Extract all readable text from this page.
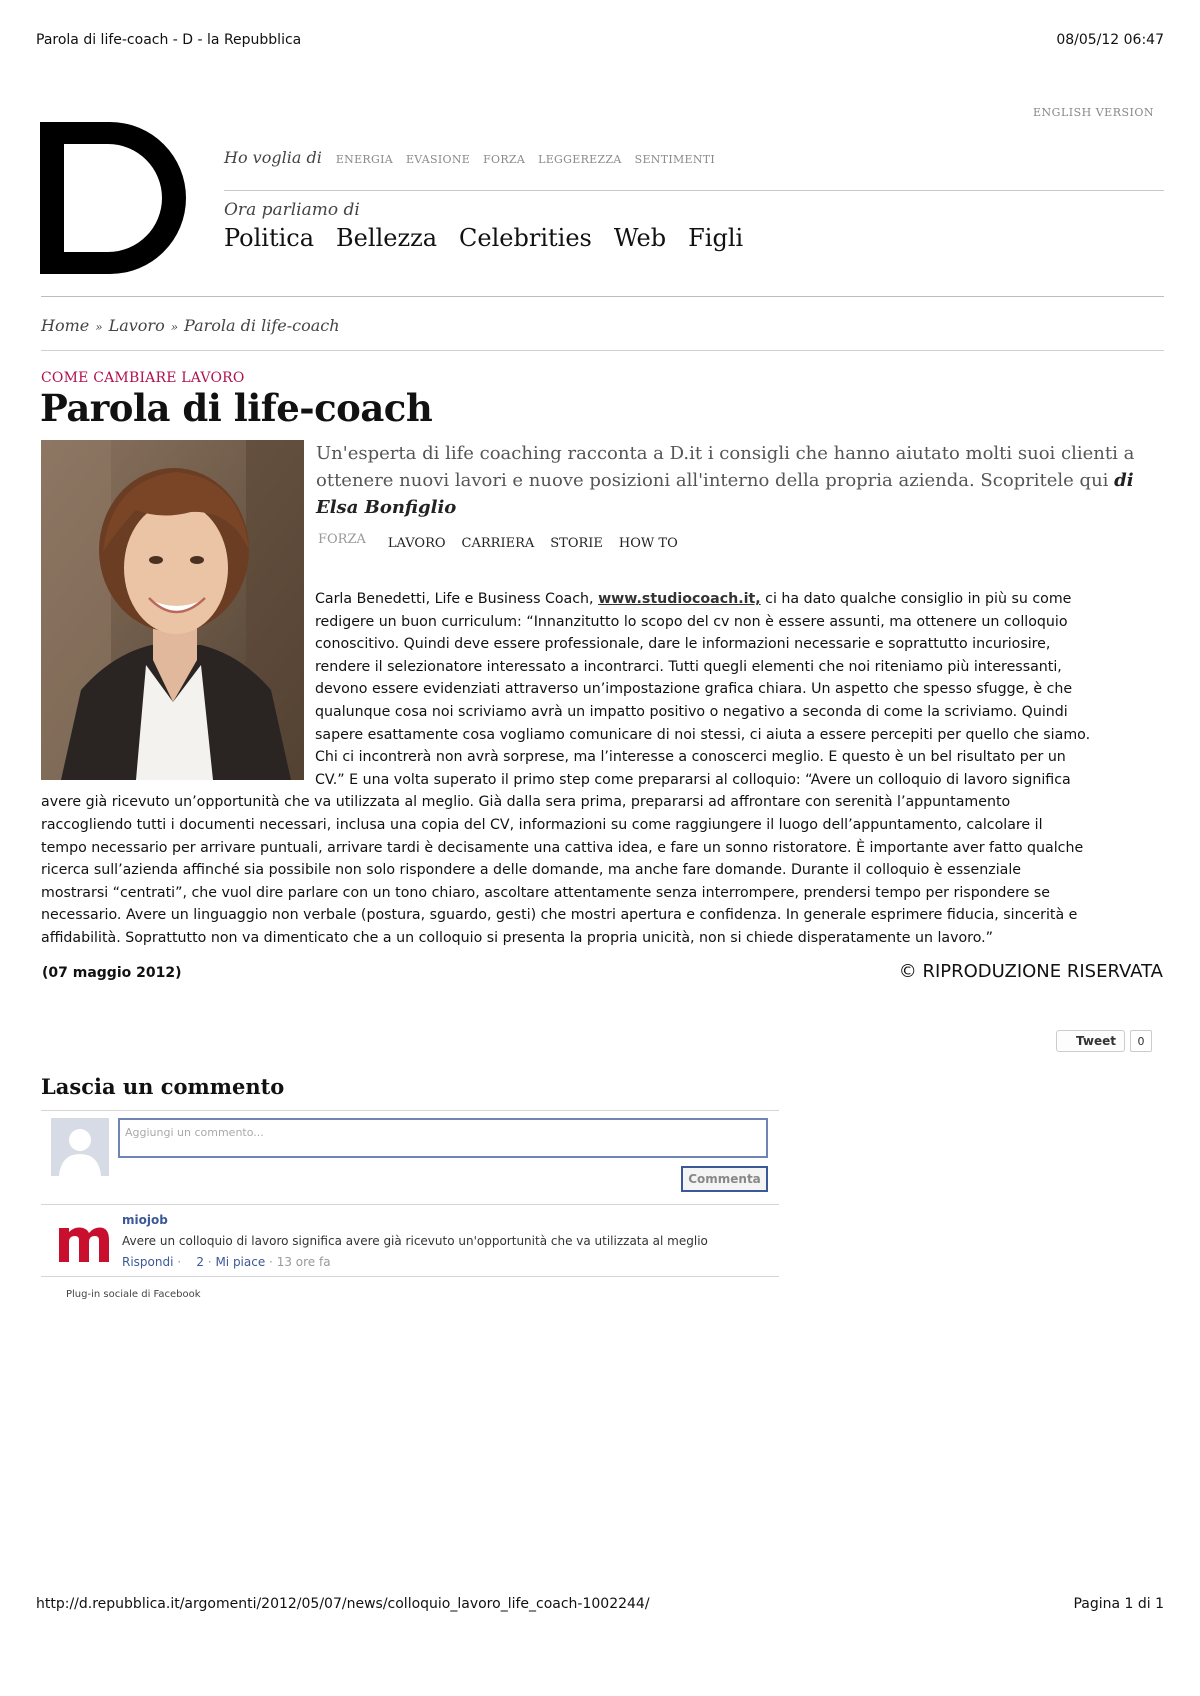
Parola di life-coach - D - la Repubblica	08/05/12 06:47
ENGLISH VERSION
Ho voglia di ENERGIA EVASIONE FORZA LEGGEREZZA SENTIMENTI
Ora parliamo di
Politica Bellezza Celebrities Web Figli
Home » Lavoro » Parola di life-coach
COME CAMBIARE LAVORO
Parola di life-coach

Un'esperta di life coaching racconta a D.it i consigli che hanno aiutato molti suoi clienti a ottenere nuovi lavori e nuove posizioni all'interno della propria azienda. Scopritele qui di Elsa Bonfiglio

FORZA LAVORO CARRIERA STORIE HOW TO
Carla Benedetti, Life e Business Coach, www.studiocoach.it, ci ha dato qualche consiglio in più su come
redigere un buon curriculum: “Innanzitutto lo scopo del cv non è essere assunti, ma ottenere un colloquio
conoscitivo. Quindi deve essere professionale, dare le informazioni necessarie e soprattutto incuriosire,
rendere il selezionatore interessato a incontrarci. Tutti quegli elementi che noi riteniamo più interessanti,
devono essere evidenziati attraverso un’impostazione grafica chiara. Un aspetto che spesso sfugge, è che
qualunque cosa noi scriviamo avrà un impatto positivo o negativo a seconda di come la scriviamo. Quindi
sapere esattamente cosa vogliamo comunicare di noi stessi, ci aiuta a essere percepiti per quello che siamo.
Chi ci incontrerà non avrà sorprese, ma l’interesse a conoscerci meglio. E questo è un bel risultato per un
CV.” E una volta superato il primo step come prepararsi al colloquio: “Avere un colloquio di lavoro significa
avere già ricevuto un’opportunità che va utilizzata al meglio. Già dalla sera prima, prepararsi ad affrontare con serenità l’appuntamento
raccogliendo tutti i documenti necessari, inclusa una copia del CV, informazioni su come raggiungere il luogo dell’appuntamento, calcolare il
tempo necessario per arrivare puntuali, arrivare tardi è decisamente una cattiva idea, e fare un sonno ristoratore. È importante aver fatto qualche
ricerca sull’azienda affinché sia possibile non solo rispondere a delle domande, ma anche fare domande. Durante il colloquio è essenziale
mostrarsi “centrati”, che vuol dire parlare con un tono chiaro, ascoltare attentamente senza interrompere, prendersi tempo per rispondere se
necessario. Avere un linguaggio non verbale (postura, sguardo, gesti) che mostri apertura e confidenza. In generale esprimere fiducia, sincerità e
affidabilità. Soprattutto non va dimenticato che a un colloquio si presenta la propria unicità, non si chiede disperatamente un lavoro.”
(07 maggio 2012)	© RIPRODUZIONE RISERVATA
Tweet	0
Lascia un commento
Aggiungi un commento...
Commenta
miojob
Avere un colloquio di lavoro significa avere già ricevuto un'opportunità che va utilizzata al meglio
Rispondi ·    2 · Mi piace · 13 ore fa
Plug-in sociale di Facebook
http://d.repubblica.it/argomenti/2012/05/07/news/colloquio_lavoro_life_coach-1002244/	Pagina 1 di 1
